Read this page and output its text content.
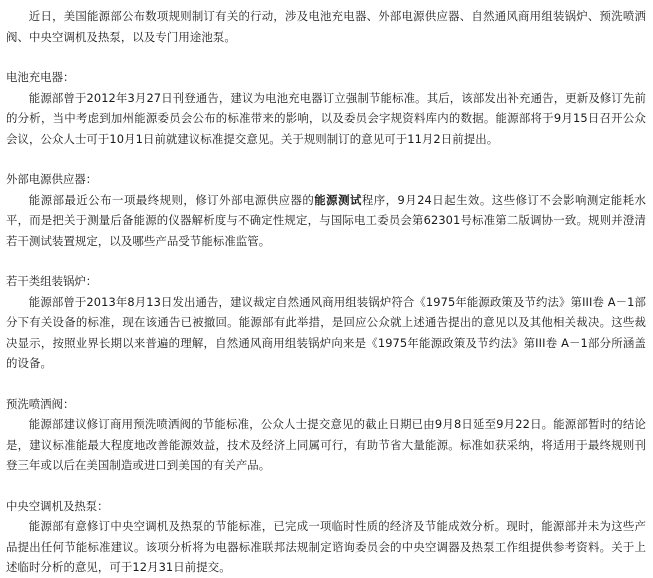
近日，美国能源部公布数项规则制订有关的行动，涉及电池充电器、外部电源供应器、自然通风商用组装锅炉、预洗喷洒阀、中央空调机及热泵，以及专门用途池泵。

电池充电器：

能源部曾于2012年3月27日刊登通告，建议为电池充电器订立强制节能标准。其后，该部发出补充通告，更新及修订先前的分析，当中考虑到加州能源委员会公布的标准带来的影响，以及委员会字规资料库内的数据。能源部将于9月15日召开公众会议，公众人士可于10月1日前就建议标准提交意见。关于规则制订的意见可于11月2日前提出。

外部电源供应器：

能源部最近公布一项最终规则，修订外部电源供应器的能源测试程序，9月24日起生效。这些修订不会影响测定能耗水平，而是把关于测量后备能源的仪器解析度与不确定性规定，与国际电工委员会第62301号标准第二版调协一致。规则并澄清若干测试装置规定，以及哪些产品受节能标准监管。

若干类组装锅炉：

能源部曾于2013年8月13日发出通告，建议裁定自然通风商用组装锅炉符合《1975年能源政策及节约法》第III卷 A－1部分下有关设备的标准，现在该通告已被撤回。能源部有此举措，是回应公众就上述通告提出的意见以及其他相关裁决。这些裁决显示，按照业界长期以来普遍的理解，自然通风商用组装锅炉向来是《1975年能源政策及节约法》第III卷 A－1部分所涵盖的设备。

预洗喷洒阀：

能源部建议修订商用预洗喷洒阀的节能标准，公众人士提交意见的截止日期已由9月8日延至9月22日。能源部暂时的结论是，建议标准能最大程度地改善能源效益，技术及经济上同属可行，有助节省大量能源。标准如获采纳，将适用于最终规则刊登三年或以后在美国制造或进口到美国的有关产品。

中央空调机及热泵：

能源部有意修订中央空调机及热泵的节能标准，已完成一项临时性质的经济及节能成效分析。现时，能源部并未为这些产品提出任何节能标准建议。该项分析将为电器标准联邦法规制定谘询委员会的中央空调器及热泵工作组提供参考资料。关于上述临时分析的意见，可于12月31日前提交。
